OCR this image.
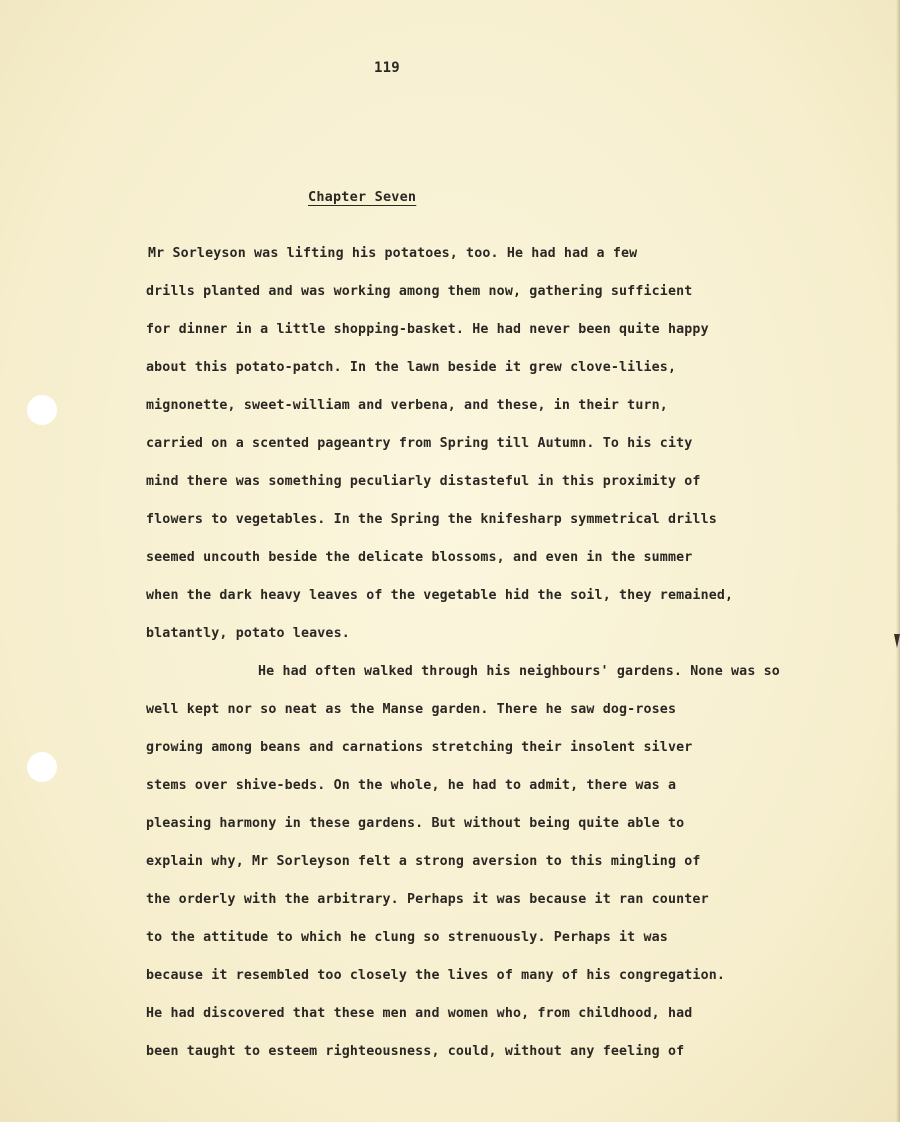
119
Chapter Seven
Mr Sorleyson was lifting his potatoes, too. He had had a few
drills planted and was working among them now, gathering sufficient
for dinner in a little shopping-basket. He had never been quite happy
about this potato-patch. In the lawn beside it grew clove-lilies,
mignonette, sweet-william and verbena, and these, in their turn,
carried on a scented pageantry from Spring till Autumn. To his city
mind there was something peculiarly distasteful in this proximity of
flowers to vegetables. In the Spring the knifesharp symmetrical drills
seemed uncouth beside the delicate blossoms, and even in the summer
when the dark heavy leaves of the vegetable hid the soil, they remained,
blatantly, potato leaves.
He had often walked through his neighbours' gardens. None was so
well kept nor so neat as the Manse garden. There he saw dog-roses
growing among beans and carnations stretching their insolent silver
stems over shive-beds. On the whole, he had to admit, there was a
pleasing harmony in these gardens. But without being quite able to
explain why, Mr Sorleyson felt a strong aversion to this mingling of
the orderly with the arbitrary. Perhaps it was because it ran counter
to the attitude to which he clung so strenuously. Perhaps it was
because it resembled too closely the lives of many of his congregation.
He had discovered that these men and women who, from childhood, had
been taught to esteem righteousness, could, without any feeling of
